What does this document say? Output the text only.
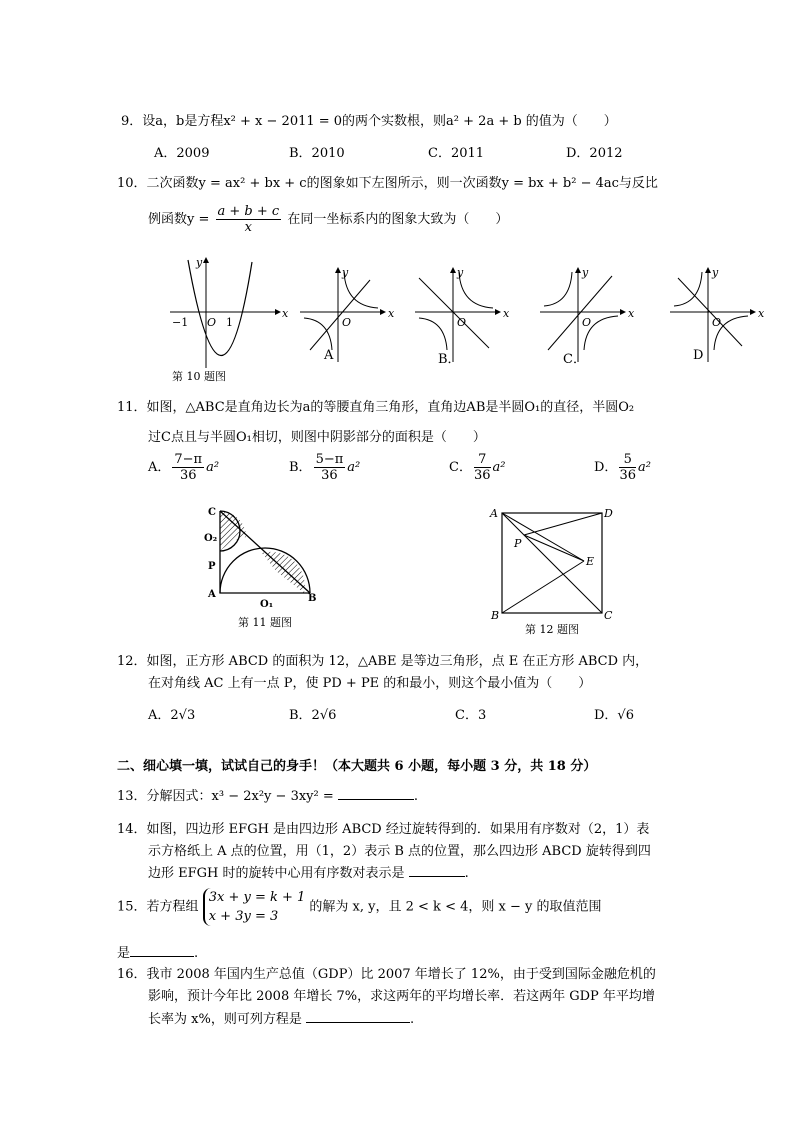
9．设a，b是方程x² + x − 2011 = 0的两个实数根，则a² + 2a + b 的值为（　　）
A．2009	B．2010	C．2011	D．2012
10．二次函数y = ax² + bx + c的图象如下左图所示，则一次函数y = bx + b² − 4ac与反比
例函数$y = \frac{a + b + c}{x}$ 在同一坐标系内的图象大致为（　　）
y
x
O
−1	1
y
x
O
y
x
O
y
x
O
y
x
O
第 10 题图
A	B．	C．	D
11．如图，△ABC是直角边长为a的等腰直角三角形，直角边AB是半圆O₁的直径，半圆O₂
过C点且与半圆O₁相切，则图中阴影部分的面积是（　　）
A． $\frac{7-\pi}{36} a^2$	B． $\frac{5-\pi}{36} a^2$	C． $\frac{7}{36} a^2$	D． $\frac{5}{36} a^2$
C
O₂
P
A
O₁
B
第 11 题图
A	D
P
E
B	C
第 12 题图
12．如图，正方形 ABCD 的面积为 12，△ABE 是等边三角形，点 E 在正方形 ABCD 内，
在对角线 AC 上有一点 P，使 PD + PE 的和最小，则这个最小值为（　　）
A．2√3	B．2√6	C．3	D．√6
二、细心填一填，试试自己的身手！（本大题共 6 小题，每小题 3 分，共 18 分）
13．分解因式：x³ − 2x²y − 3xy² =	.
14．如图，四边形 EFGH 是由四边形 ABCD 经过旋转得到的．如果用有序数对（2，1）表
示方格纸上 A 点的位置，用（1，2）表示 B 点的位置，那么四边形 ABCD 旋转得到四
边形 EFGH 时的旋转中心用有序数对表示是	.
15．若方程组
3x + y = k + 1
x + 3y = 3
的解为 x, y，且 2 < k < 4，则 x − y 的取值范围
是	.
16．我市 2008 年国内生产总值（GDP）比 2007 年增长了 12%，由于受到国际金融危机的
影响，预计今年比 2008 年增长 7%，求这两年的平均增长率．若这两年 GDP 年平均增
长率为 x%，则可列方程是	.
